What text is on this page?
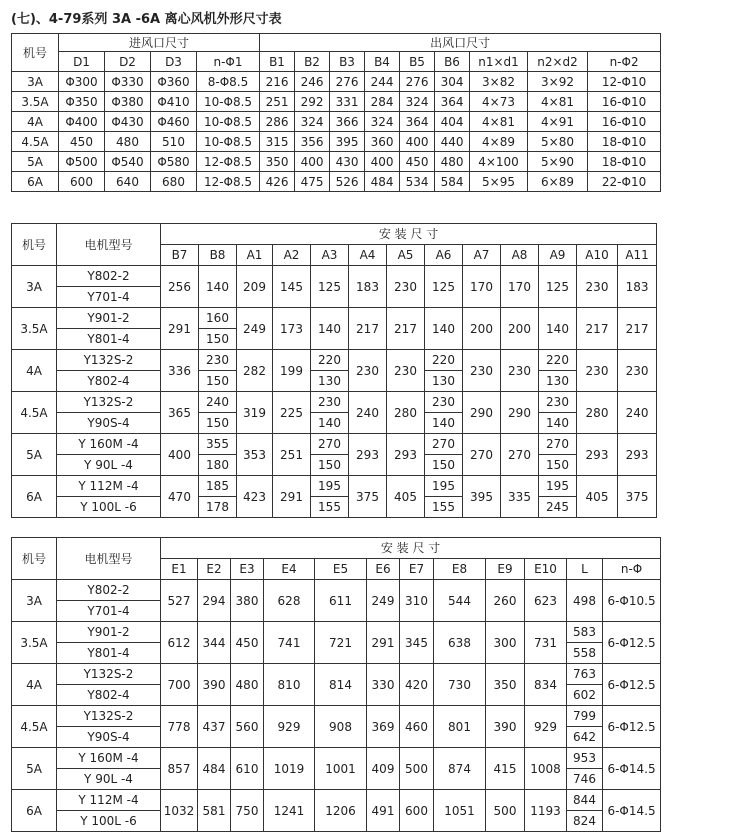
(七)、4-79系列 3A -6A 离心风机外形尺寸表
机号	进风口尺寸				出风口尺寸								
	D1	D2	D3	n-Φ1	B1	B2	B3	B4	B5	B6	n1×d1	n2×d2	n-Φ2
3A	Φ300	Φ330	Φ360	8-Φ8.5	216	246	276	244	276	304	3×82	3×92	12-Φ10
3.5A	Φ350	Φ380	Φ410	10-Φ8.5	251	292	331	284	324	364	4×73	4×81	16-Φ10
4A	Φ400	Φ430	Φ460	10-Φ8.5	286	324	366	324	364	404	4×81	4×91	16-Φ10
4.5A	450	480	510	10-Φ8.5	315	356	395	360	400	440	4×89	5×80	18-Φ10
5A	Φ500	Φ540	Φ580	12-Φ8.5	350	400	430	400	450	480	4×100	5×90	18-Φ10
6A	600	640	680	12-Φ8.5	426	475	526	484	534	584	5×95	6×89	22-Φ10
机号	电机型号	安 装 尺 寸												
		B7	B8	A1	A2	A3	A4	A5	A6	A7	A8	A9	A10	A11
3A	Y802-2	256	140	209	145	125	183	230	125	170	170	125	230	183
	Y701-4													
3.5A	Y901-2	291	160	249	173	140	217	217	140	200	200	140	217	217
	Y801-4		150											
4A	Y132S-2	336	230	282	199	220	230	230	220	230	230	220	230	230
	Y802-4		150			130			130			130		
4.5A	Y132S-2	365	240	319	225	230	240	280	230	290	290	230	280	240
	Y90S-4		150			140			140			140		
5A	Y 160M -4	400	355	353	251	270	293	293	270	270	270	270	293	293
	Y 90L -4		180			150			150			150		
6A	Y 112M -4	470	185	423	291	195	375	405	195	395	335	195	405	375
	Y 100L -6		178			155			155			245		
机号	电机型号	安 装 尺 寸											
		E1	E2	E3	E4	E5	E6	E7	E8	E9	E10	L	n-Φ
3A	Y802-2	527	294	380	628	611	249	310	544	260	623	498	6-Φ10.5
	Y701-4												
3.5A	Y901-2	612	344	450	741	721	291	345	638	300	731	583	6-Φ12.5
	Y801-4											558	
4A	Y132S-2	700	390	480	810	814	330	420	730	350	834	763	6-Φ12.5
	Y802-4											602	
4.5A	Y132S-2	778	437	560	929	908	369	460	801	390	929	799	6-Φ12.5
	Y90S-4											642	
5A	Y 160M -4	857	484	610	1019	1001	409	500	874	415	1008	953	6-Φ14.5
	Y 90L -4											746	
6A	Y 112M -4	1032	581	750	1241	1206	491	600	1051	500	1193	844	6-Φ14.5
	Y 100L -6											824	
